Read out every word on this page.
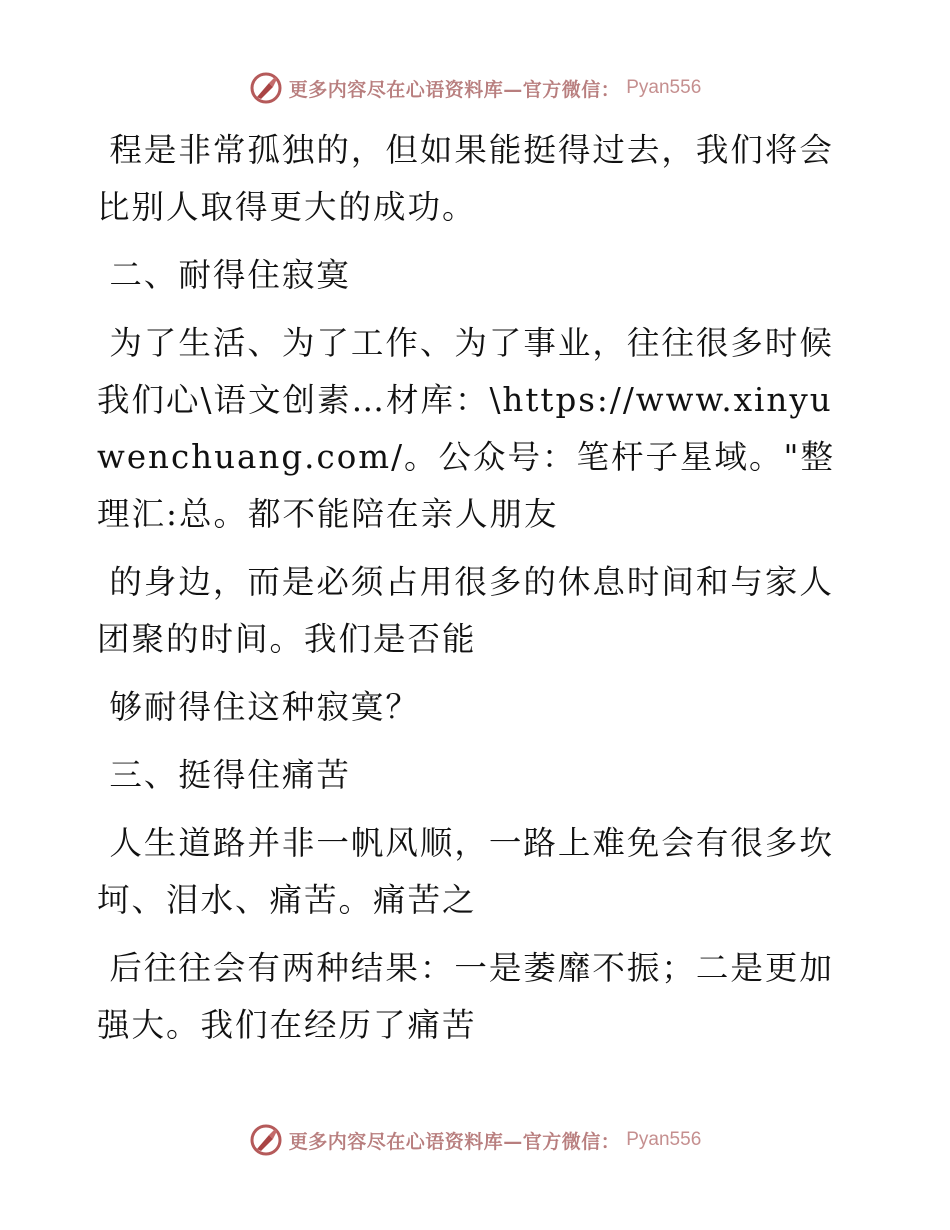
更多内容尽在心语资料库—官方微信： Pyan556

程是非常孤独的，但如果能挺得过去，我们将会比别人取得更大的成功。

二、耐得住寂寞

为了生活、为了工作、为了事业，往往很多时候我们心\语文创素…材库：\https://www.xinyuwenchuang.com/。公众号：笔杆子星域。"整理汇:总。都不能陪在亲人朋友

的身边，而是必须占用很多的休息时间和与家人团聚的时间。我们是否能

够耐得住这种寂寞？

三、挺得住痛苦

人生道路并非一帆风顺，一路上难免会有很多坎坷、泪水、痛苦。痛苦之

后往往会有两种结果：一是萎靡不振；二是更加强大。我们在经历了痛苦

更多内容尽在心语资料库—官方微信： Pyan556
